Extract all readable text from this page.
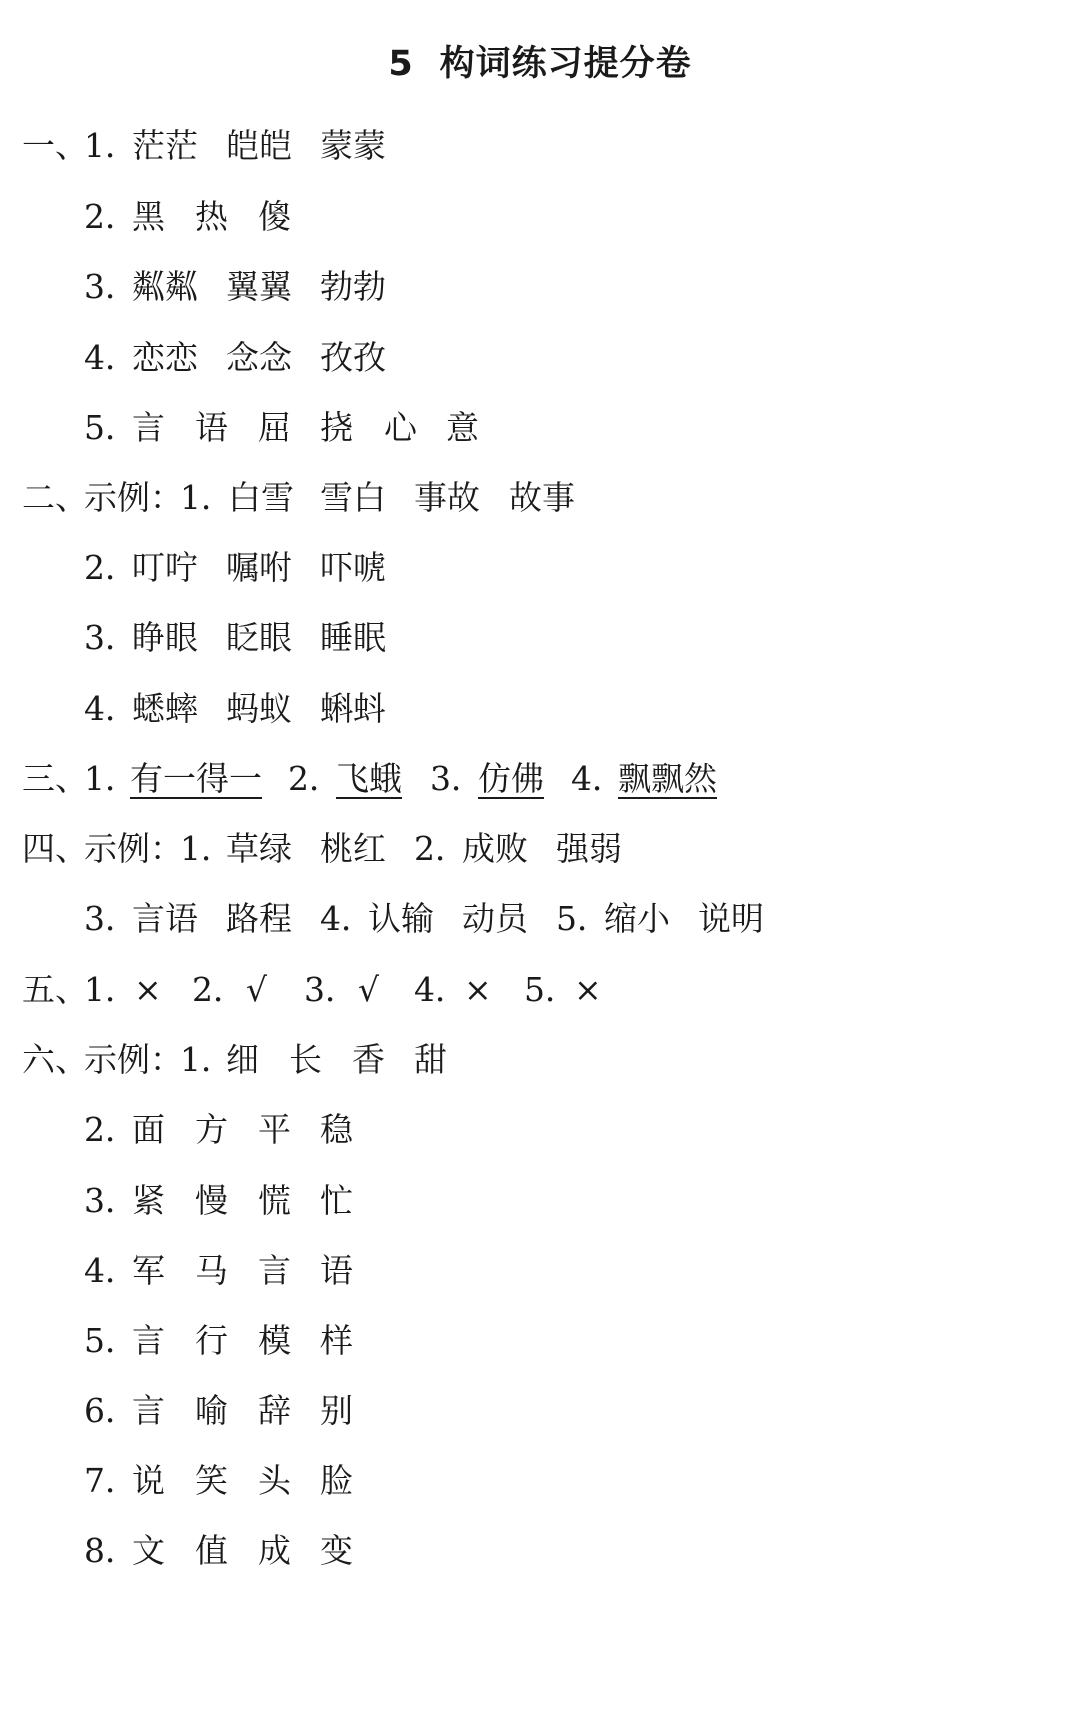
5 构词练习提分卷
一、
1．
茫茫 皑皑 蒙蒙
2．
黑 热 傻
3．
粼粼 翼翼 勃勃
4．
恋恋 念念 孜孜
5．
言 语 屈 挠 心 意
二、
示例：
1．
白雪 雪白 事故 故事
2．
叮咛 嘱咐 吓唬
3．
睁眼 眨眼 睡眠
4．
蟋蟀 蚂蚁 蝌蚪
三、
1．
有一得一 2．
飞蛾 3．
仿佛 4．
飘飘然
四、
示例：
1．
草绿 桃红 2．
成败 强弱
3．
言语 路程 4．
认输 动员 5．
缩小 说明
五、
1．
× 2． √ 3． √ 4．
× 5．
×
六、
示例：
1．
细 长 香 甜
2．
面 方 平 稳
3．
紧 慢 慌 忙
4．
军 马 言 语
5．
言 行 模 样
6．
言 喻 辞 别
7．
说 笑 头 脸
8．
文 值 成 变
